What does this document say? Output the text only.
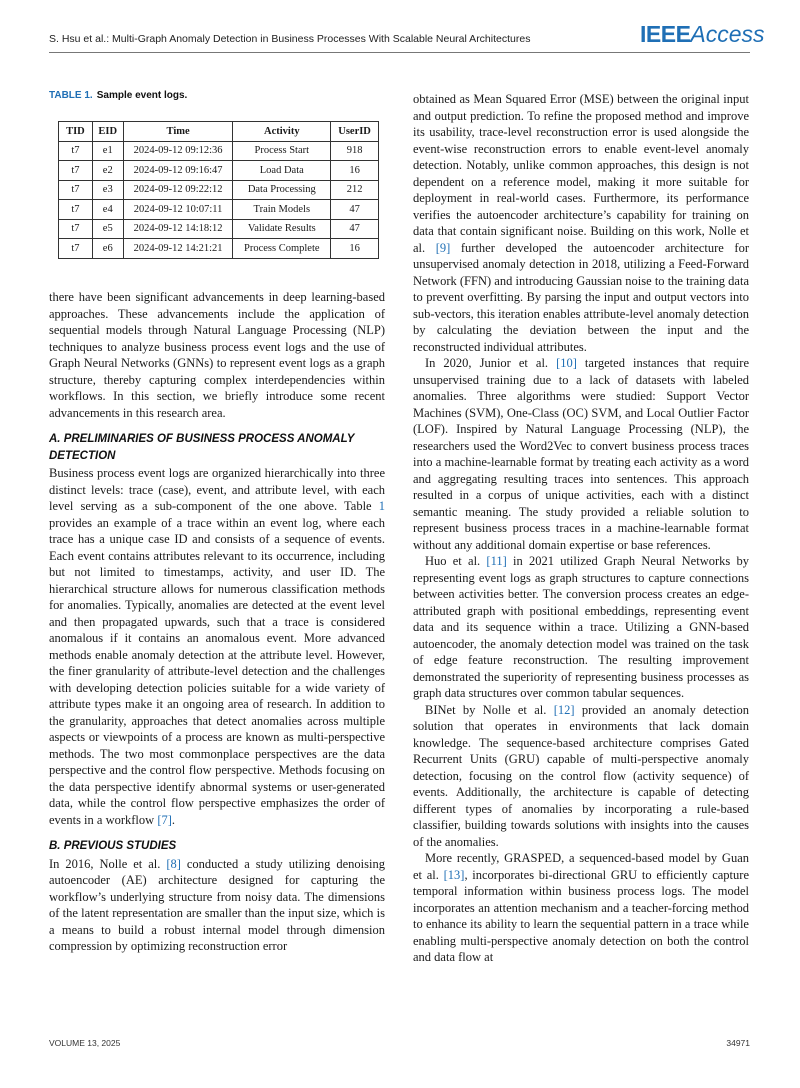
S. Hsu et al.: Multi-Graph Anomaly Detection in Business Processes With Scalable Neural Architectures	IEEEAccess
TABLE 1. Sample event logs.
TID	EID	Time	Activity	UserID
t7	e1	2024-09-12 09:12:36	Process Start	918
t7	e2	2024-09-12 09:16:47	Load Data	16
t7	e3	2024-09-12 09:22:12	Data Processing	212
t7	e4	2024-09-12 10:07:11	Train Models	47
t7	e5	2024-09-12 14:18:12	Validate Results	47
t7	e6	2024-09-12 14:21:21	Process Complete	16

there have been significant advancements in deep learning-based approaches. These advancements include the application of sequential models through Natural Language Processing (NLP) techniques to analyze business process event logs and the use of Graph Neural Networks (GNNs) to represent event logs as a graph structure, thereby capturing complex interdependencies within workflows. In this section, we briefly introduce some recent advancements in this research area.

A. PRELIMINARIES OF BUSINESS PROCESS ANOMALY DETECTION

Business process event logs are organized hierarchically into three distinct levels: trace (case), event, and attribute level, with each level serving as a sub-component of the one above. Table 1 provides an example of a trace within an event log, where each trace has a unique case ID and consists of a sequence of events. Each event contains attributes relevant to its occurrence, including but not limited to timestamps, activity, and user ID. The hierarchical structure allows for numerous classification methods for anomalies. Typically, anomalies are detected at the event level and then propagated upwards, such that a trace is considered anomalous if it contains an anomalous event. More advanced methods enable anomaly detection at the attribute level. However, the finer granularity of attribute-level detection and the challenges with developing detection policies suitable for a wide variety of attribute types make it an ongoing area of research. In addition to the granularity, approaches that detect anomalies across multiple aspects or viewpoints of a process are known as multi-perspective methods. The two most commonplace perspectives are the data perspective and the control flow perspective. Methods focusing on the data perspective identify abnormal systems or user-generated data, while the control flow perspective emphasizes the order of events in a workflow [7].

B. PREVIOUS STUDIES

In 2016, Nolle et al. [8] conducted a study utilizing denoising autoencoder (AE) architecture designed for capturing the workflow’s underlying structure from noisy data. The dimensions of the latent representation are smaller than the input size, which is a means to build a robust internal model through dimension compression by optimizing reconstruction error

obtained as Mean Squared Error (MSE) between the original input and output prediction. To refine the proposed method and improve its usability, trace-level reconstruction error is used alongside the event-wise reconstruction errors to enable event-level anomaly detection. Notably, unlike common approaches, this design is not dependent on a reference model, making it more suitable for deployment in real-world cases. Furthermore, its performance verifies the autoencoder architecture’s capability for training on data that contain significant noise. Building on this work, Nolle et al. [9] further developed the autoencoder architecture for unsupervised anomaly detection in 2018, utilizing a Feed-Forward Network (FFN) and introducing Gaussian noise to the training data to prevent overfitting. By parsing the input and output vectors into sub-vectors, this iteration enables attribute-level anomaly detection by calculating the deviation between the input and the reconstructed individual attributes.

In 2020, Junior et al. [10] targeted instances that require unsupervised training due to a lack of datasets with labeled anomalies. Three algorithms were studied: Support Vector Machines (SVM), One-Class (OC) SVM, and Local Outlier Factor (LOF). Inspired by Natural Language Processing (NLP), the researchers used the Word2Vec to convert business process traces into a machine-learnable format by treating each activity as a word and aggregating resulting traces into sentences. This approach resulted in a corpus of unique activities, each with a distinct semantic meaning. The study provided a reliable solution to represent business process traces in a machine-learnable format without any additional domain expertise or base references.

Huo et al. [11] in 2021 utilized Graph Neural Networks by representing event logs as graph structures to capture connections between activities better. The conversion process creates an edge-attributed graph with positional embeddings, representing event data and its sequence within a trace. Utilizing a GNN-based autoencoder, the anomaly detection model was trained on the task of edge feature reconstruction. The resulting improvement demonstrated the superiority of representing business processes as graph data structures over common tabular sequences.

BINet by Nolle et al. [12] provided an anomaly detection solution that operates in environments that lack domain knowledge. The sequence-based architecture comprises Gated Recurrent Units (GRU) capable of multi-perspective anomaly detection, focusing on the control flow (activity sequence) of events. Additionally, the architecture is capable of detecting different types of anomalies by incorporating a rule-based classifier, building towards solutions with insights into the causes of the anomalies.

More recently, GRASPED, a sequenced-based model by Guan et al. [13], incorporates bi-directional GRU to efficiently capture temporal information within business process logs. The model incorporates an attention mechanism and a teacher-forcing method to enhance its ability to learn the sequential pattern in a trace while enabling multi-perspective anomaly detection on both the control and data flow at

VOLUME 13, 2025	34971
